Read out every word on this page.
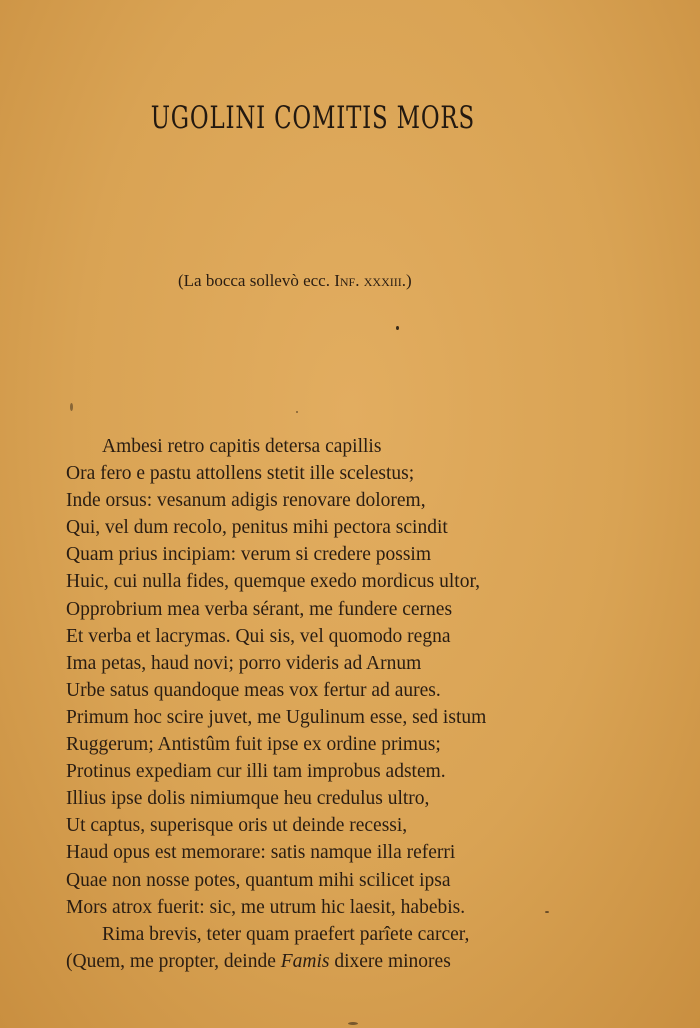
UGOLINI COMITIS MORS
(La bocca sollevò ecc. Inf. xxxiii.)
Ambesi retro capitis detersa capillis
Ora fero e pastu attollens stetit ille scelestus;
Inde orsus: vesanum adigis renovare dolorem,
Qui, vel dum recolo, penitus mihi pectora scindit
Quam prius incipiam: verum si credere possim
Huic, cui nulla fides, quemque exedo mordicus ultor,
Opprobrium mea verba sérant, me fundere cernes
Et verba et lacrymas. Qui sis, vel quomodo regna
Ima petas, haud novi; porro videris ad Arnum
Urbe satus quandoque meas vox fertur ad aures.
Primum hoc scire juvet, me Ugulinum esse, sed istum
Ruggerum; Antistûm fuit ipse ex ordine primus;
Protinus expediam cur illi tam improbus adstem.
Illius ipse dolis nimiumque heu credulus ultro,
Ut captus, superisque oris ut deinde recessi,
Haud opus est memorare: satis namque illa referri
Quae non nosse potes, quantum mihi scilicet ipsa
Mors atrox fuerit: sic, me utrum hic laesit, habebis.
Rima brevis, teter quam praefert parîete carcer,
(Quem, me propter, deinde Famis dixere minores
